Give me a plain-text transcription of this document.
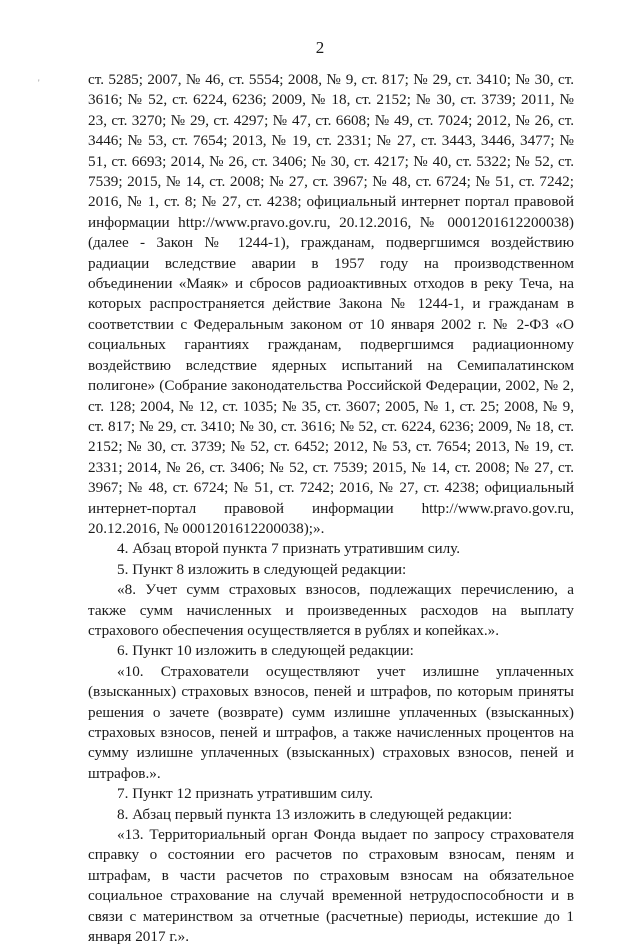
'
2

ст. 5285; 2007, № 46, ст. 5554; 2008, № 9, ст. 817; № 29, ст. 3410; № 30, ст. 3616; № 52, ст. 6224, 6236; 2009, № 18, ст. 2152; № 30, ст. 3739; 2011, № 23, ст. 3270; № 29, ст. 4297; № 47, ст. 6608; № 49, ст. 7024; 2012, № 26, ст. 3446; № 53, ст. 7654; 2013, № 19, ст. 2331; № 27, ст. 3443, 3446, 3477; № 51, ст. 6693; 2014, № 26, ст. 3406; № 30, ст. 4217; № 40, ст. 5322; № 52, ст. 7539; 2015, № 14, ст. 2008; № 27, ст. 3967; № 48, ст. 6724; № 51, ст. 7242; 2016, № 1, ст. 8; № 27, ст. 4238; официальный интернет портал правовой информации http://www.pravo.gov.ru, 20.12.2016, № 0001201612200038) (далее - Закон № 1244-1), гражданам, подвергшимся воздействию радиации вследствие аварии в 1957 году на производственном объединении «Маяк» и сбросов радиоактивных отходов в реку Теча, на которых распространяется действие Закона № 1244-1, и гражданам в соответствии с Федеральным законом от 10 января 2002 г. № 2-ФЗ «О социальных гарантиях гражданам, подвергшимся радиационному воздействию вследствие ядерных испытаний на Семипалатинском полигоне» (Собрание законодательства Российской Федерации, 2002, № 2, ст. 128; 2004, № 12, ст. 1035; № 35, ст. 3607; 2005, № 1, ст. 25; 2008, № 9, ст. 817; № 29, ст. 3410; № 30, ст. 3616; № 52, ст. 6224, 6236; 2009, № 18, ст. 2152; № 30, ст. 3739; № 52, ст. 6452; 2012, № 53, ст. 7654; 2013, № 19, ст. 2331; 2014, № 26, ст. 3406; № 52, ст. 7539; 2015, № 14, ст. 2008; № 27, ст. 3967; № 48, ст. 6724; № 51, ст. 7242; 2016, № 27, ст. 4238; официальный интернет-портал правовой информации http://www.pravo.gov.ru, 20.12.2016, № 0001201612200038);».

4. Абзац второй пункта 7 признать утратившим силу.

5. Пункт 8 изложить в следующей редакции:

«8. Учет сумм страховых взносов, подлежащих перечислению, а также сумм начисленных и произведенных расходов на выплату страхового обеспечения осуществляется в рублях и копейках.».

6. Пункт 10 изложить в следующей редакции:

«10. Страхователи осуществляют учет излишне уплаченных (взысканных) страховых взносов, пеней и штрафов, по которым приняты решения о зачете (возврате) сумм излишне уплаченных (взысканных) страховых взносов, пеней и штрафов, а также начисленных процентов на сумму излишне уплаченных (взысканных) страховых взносов, пеней и штрафов.».

7. Пункт 12 признать утратившим силу.

8. Абзац первый пункта 13 изложить в следующей редакции:

«13. Территориальный орган Фонда выдает по запросу страхователя справку о состоянии его расчетов по страховым взносам, пеням и штрафам, в части расчетов по страховым взносам на обязательное социальное страхование на случай временной нетрудоспособности и в связи с материнством за отчетные (расчетные) периоды, истекшие до 1 января 2017 г.».
